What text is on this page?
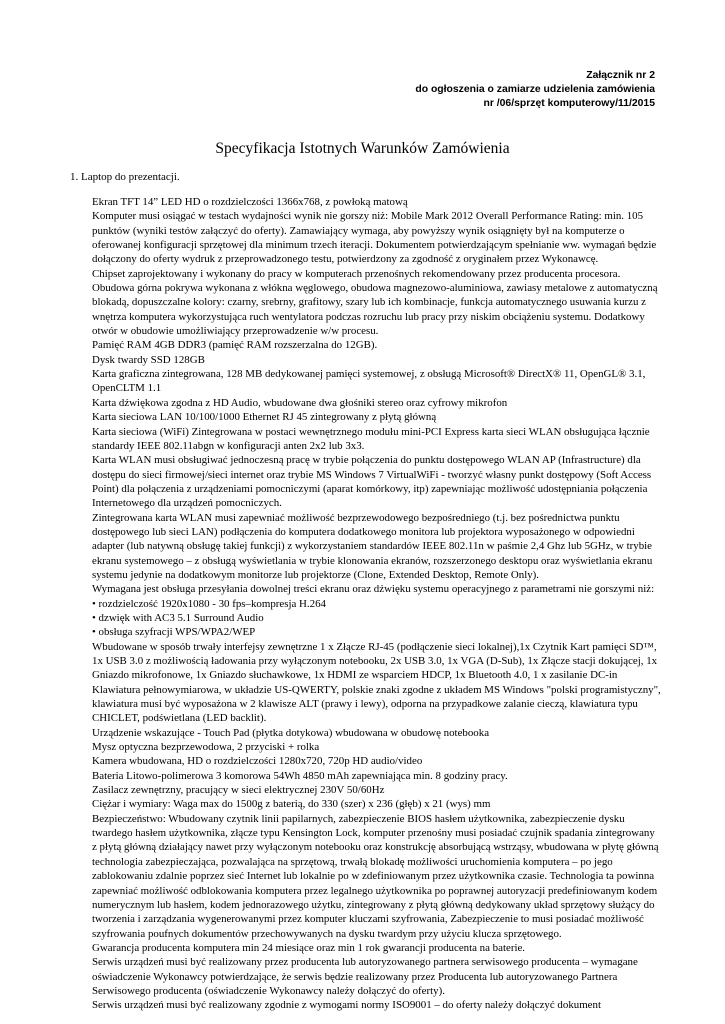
Załącznik nr 2
do ogłoszenia o zamiarze udzielenia zamówienia
nr /06/sprzęt komputerowy/11/2015
Specyfikacja Istotnych Warunków Zamówienia
1. Laptop do prezentacji.

Ekran TFT 14” LED HD o rozdzielczości 1366x768, z powłoką matową

Komputer musi osiągać w testach wydajności wynik nie gorszy niż: Mobile Mark 2012 Overall Performance Rating: min. 105 punktów (wyniki testów załączyć do oferty). Zamawiający wymaga, aby powyższy wynik osiągnięty był na komputerze o oferowanej konfiguracji sprzętowej dla minimum trzech iteracji. Dokumentem potwierdzającym spełnianie ww. wymagań będzie dołączony do oferty wydruk z przeprowadzonego testu, potwierdzony za zgodność z oryginałem przez Wykonawcę.

Chipset zaprojektowany i wykonany do pracy w komputerach przenośnych rekomendowany przez producenta procesora.

Obudowa górna pokrywa wykonana z włókna węglowego, obudowa magnezowo-aluminiowa, zawiasy metalowe z automatyczną blokadą, dopuszczalne kolory: czarny, srebrny, grafitowy, szary lub ich kombinacje, funkcja automatycznego usuwania kurzu z wnętrza komputera wykorzystująca ruch wentylatora podczas rozruchu lub pracy przy niskim obciążeniu systemu. Dodatkowy otwór w obudowie umożliwiający przeprowadzenie w/w procesu.

Pamięć RAM 4GB DDR3 (pamięć RAM rozszerzalna do 12GB).

Dysk twardy SSD 128GB

Karta graficzna zintegrowana, 128 MB dedykowanej pamięci systemowej, z obsługą Microsoft® DirectX® 11, OpenGL® 3.1, OpenCLTM 1.1

Karta dźwiękowa zgodna z HD Audio, wbudowane dwa głośniki stereo oraz cyfrowy mikrofon

Karta sieciowa LAN 10/100/1000 Ethernet RJ 45 zintegrowany z płytą główną

Karta sieciowa (WiFi) Zintegrowana w postaci wewnętrznego modułu mini-PCI Express karta sieci WLAN obsługująca łącznie standardy IEEE 802.11abgn w konfiguracji anten 2x2 lub 3x3.

Karta WLAN musi obsługiwać jednoczesną pracę w trybie połączenia do punktu dostępowego WLAN AP (Infrastructure) dla dostępu do sieci firmowej/sieci internet oraz trybie MS Windows 7 VirtualWiFi - tworzyć własny punkt dostępowy (Soft Access Point) dla połączenia z urządzeniami pomocniczymi (aparat komórkowy, itp) zapewniając możliwość udostępniania połączenia Internetowego dla urządzeń pomocniczych.

Zintegrowana karta WLAN musi zapewniać możliwość bezprzewodowego bezpośredniego (t.j. bez pośrednictwa punktu dostępowego lub sieci LAN) podłączenia do komputera dodatkowego monitora lub projektora wyposażonego w odpowiedni adapter (lub natywną obsługę takiej funkcji) z wykorzystaniem standardów IEEE 802.11n w paśmie 2,4 Ghz lub 5GHz, w trybie ekranu systemowego – z obsługą wyświetlania w trybie klonowania ekranów, rozszerzonego desktopu oraz wyświetlania ekranu systemu jedynie na dodatkowym monitorze lub projektorze (Clone, Extended Desktop, Remote Only).

Wymagana jest obsługa przesyłania dowolnej treści ekranu oraz dźwięku systemu operacyjnego z parametrami nie gorszymi niż:

• rozdzielczość 1920x1080 - 30 fps–kompresja H.264

• dzwięk with AC3 5.1 Surround Audio

• obsługa szyfracji WPS/WPA2/WEP

Wbudowane w sposób trwały interfejsy zewnętrzne 1 x Złącze RJ-45 (podłączenie sieci lokalnej),1x Czytnik Kart pamięci SD™, 1x USB 3.0 z możliwością ładowania przy wyłączonym notebooku, 2x USB 3.0, 1x VGA (D-Sub), 1x Złącze stacji dokującej, 1x Gniazdo mikrofonowe, 1x Gniazdo słuchawkowe, 1x HDMI ze wsparciem HDCP, 1x Bluetooth 4.0, 1 x zasilanie DC-in

Klawiatura pełnowymiarowa, w układzie US-QWERTY, polskie znaki zgodne z układem MS Windows "polski programistyczny", klawiatura musi być wyposażona w 2 klawisze ALT (prawy i lewy), odporna na przypadkowe zalanie cieczą, klawiatura typu CHICLET, podświetlana (LED backlit).

Urządzenie wskazujące - Touch Pad (płytka dotykowa) wbudowana w obudowę notebooka

Mysz optyczna bezprzewodowa, 2 przyciski + rolka

Kamera wbudowana, HD o rozdzielczości 1280x720, 720p HD audio/video

Bateria Litowo-polimerowa 3 komorowa 54Wh 4850 mAh zapewniająca min. 8 godziny pracy.

Zasilacz zewnętrzny, pracujący w sieci elektrycznej 230V 50/60Hz

Ciężar i wymiary: Waga max do 1500g z baterią, do 330 (szer) x 236 (głęb) x 21 (wys) mm

Bezpieczeństwo: Wbudowany czytnik linii papilarnych, zabezpieczenie BIOS hasłem użytkownika, zabezpieczenie dysku twardego hasłem użytkownika, złącze typu Kensington Lock, komputer przenośny musi posiadać czujnik spadania zintegrowany z płytą główną działający nawet przy wyłączonym notebooku oraz konstrukcję absorbującą wstrząsy, wbudowana w płytę główną technologia zabezpieczająca, pozwalająca na sprzętową, trwałą blokadę możliwości uruchomienia komputera – po jego zablokowaniu zdalnie poprzez sieć Internet lub lokalnie po w zdefiniowanym przez użytkownika czasie. Technologia ta powinna zapewniać możliwość odblokowania komputera przez legalnego użytkownika po poprawnej autoryzacji predefiniowanym kodem numerycznym lub hasłem, kodem jednorazowego użytku, zintegrowany z płytą główną dedykowany układ sprzętowy służący do tworzenia i zarządzania wygenerowanymi przez komputer kluczami szyfrowania, Zabezpieczenie to musi posiadać możliwość szyfrowania poufnych dokumentów przechowywanych na dysku twardym przy użyciu klucza sprzętowego.

Gwarancja producenta komputera min 24 miesiące oraz min 1 rok gwarancji producenta na baterie.

Serwis urządzeń musi być realizowany przez producenta lub autoryzowanego partnera serwisowego producenta – wymagane oświadczenie Wykonawcy potwierdzające, że serwis będzie realizowany przez Producenta lub autoryzowanego Partnera Serwisowego producenta (oświadczenie Wykonawcy należy dołączyć do oferty).

Serwis urządzeń musi być realizowany zgodnie z wymogami normy ISO9001 – do oferty należy dołączyć dokument
